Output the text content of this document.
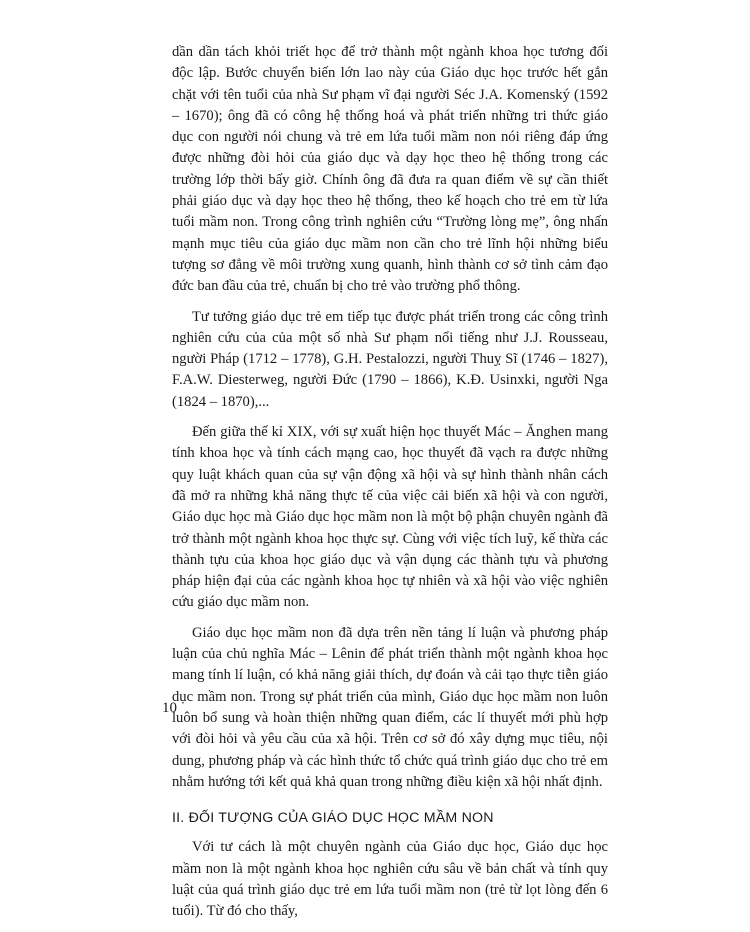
dần dần tách khỏi triết học để trở thành một ngành khoa học tương đối độc lập. Bước chuyển biến lớn lao này của Giáo dục học trước hết gắn chặt với tên tuổi của nhà Sư phạm vĩ đại người Séc J.A. Komenský (1592 – 1670); ông đã có công hệ thống hoá và phát triển những tri thức giáo dục con người nói chung và trẻ em lứa tuổi mầm non nói riêng đáp ứng được những đòi hỏi của giáo dục và dạy học theo hệ thống trong các trường lớp thời bấy giờ. Chính ông đã đưa ra quan điểm về sự cần thiết phải giáo dục và dạy học theo hệ thống, theo kế hoạch cho trẻ em từ lứa tuổi mầm non. Trong công trình nghiên cứu “Trường lòng mẹ”, ông nhấn mạnh mục tiêu của giáo dục mầm non cần cho trẻ lĩnh hội những biểu tượng sơ đẳng về môi trường xung quanh, hình thành cơ sở tình cảm đạo đức ban đầu của trẻ, chuẩn bị cho trẻ vào trường phổ thông.

Tư tưởng giáo dục trẻ em tiếp tục được phát triển trong các công trình nghiên cứu của của một số nhà Sư phạm nổi tiếng như J.J. Rousseau, người Pháp (1712 – 1778), G.H. Pestalozzi, người Thuỵ Sĩ (1746 – 1827), F.A.W. Diesterweg, người Đức (1790 – 1866), K.Đ. Usinxki, người Nga (1824 – 1870),...

Đến giữa thế kỉ XIX, với sự xuất hiện học thuyết Mác – Ănghen mang tính khoa học và tính cách mạng cao, học thuyết đã vạch ra được những quy luật khách quan của sự vận động xã hội và sự hình thành nhân cách đã mở ra những khả năng thực tế của việc cải biến xã hội và con người, Giáo dục học mà Giáo dục học mầm non là một bộ phận chuyên ngành đã trở thành một ngành khoa học thực sự. Cùng với việc tích luỹ, kế thừa các thành tựu của khoa học giáo dục và vận dụng các thành tựu và phương pháp hiện đại của các ngành khoa học tự nhiên và xã hội vào việc nghiên cứu giáo dục mầm non.

Giáo dục học mầm non đã dựa trên nền tảng lí luận và phương pháp luận của chủ nghĩa Mác – Lênin để phát triển thành một ngành khoa học mang tính lí luận, có khả năng giải thích, dự đoán và cải tạo thực tiễn giáo dục mầm non. Trong sự phát triển của mình, Giáo dục học mầm non luôn luôn bổ sung và hoàn thiện những quan điểm, các lí thuyết mới phù hợp với đòi hỏi và yêu cầu của xã hội. Trên cơ sở đó xây dựng mục tiêu, nội dung, phương pháp và các hình thức tổ chức quá trình giáo dục cho trẻ em nhằm hướng tới kết quả khả quan trong những điều kiện xã hội nhất định.

II. ĐỐI TƯỢNG CỦA GIÁO DỤC HỌC MẦM NON

Với tư cách là một chuyên ngành của Giáo dục học, Giáo dục học mầm non là một ngành khoa học nghiên cứu sâu về bản chất và tính quy luật của quá trình giáo dục trẻ em lứa tuổi mầm non (trẻ từ lọt lòng đến 6 tuổi). Từ đó cho thấy,

10
